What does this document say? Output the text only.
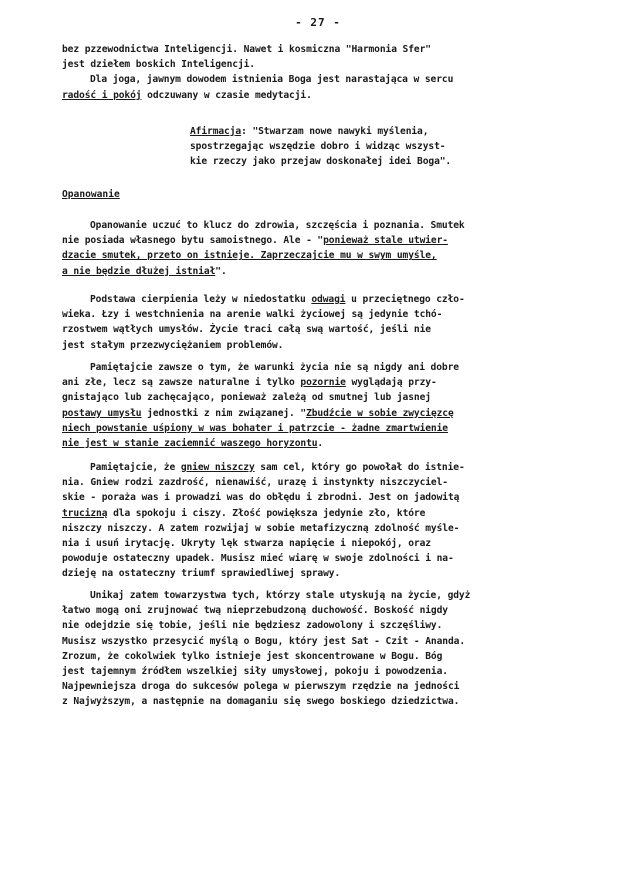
- 27 -
bez pzzewodnictwa Inteligencji. Nawet i kosmiczna "Harmonia Sfer"
jest dziełem boskich Inteligencji.
Dla joga, jawnym dowodem istnienia Boga jest narastająca w sercu
radość i pokój odczuwany w czasie medytacji.
Afirmacja: "Stwarzam nowe nawyki myślenia,
spostrzegając wszędzie dobro i widząc wszyst-
kie rzeczy jako przejaw doskonałej idei Boga".
Opanowanie
Opanowanie uczuć to klucz do zdrowia, szczęścia i poznania. Smutek
nie posiada własnego bytu samoistnego. Ale - "ponieważ stale utwier-
dzacie smutek, przeto on istnieje. Zaprzeczajcie mu w swym umyśle,
a nie będzie dłużej istniał".
Podstawa cierpienia leży w niedostatku odwagi u przeciętnego czło-
wieka. Łzy i westchnienia na arenie walki życiowej są jedynie tchó-
rzostwem wątłych umysłów. Życie traci całą swą wartość, jeśli nie
jest stałym przezwyciężaniem problemów.
Pamiętajcie zawsze o tym, że warunki życia nie są nigdy ani dobre
ani złe, lecz są zawsze naturalne i tylko pozornie wyglądają przy-
gnistająco lub zachęcająco, ponieważ zależą od smutnej lub jasnej
postawy umysłu jednostki z nim związanej. "Zbudźcie w sobie zwycięzcę
niech powstanie uśpiony w was bohater i patrzcie - żadne zmartwienie
nie jest w stanie zaciemnić waszego horyzontu.
Pamiętajcie, że gniew niszczy sam cel, który go powołał do istnie-
nia. Gniew rodzi zazdrość, nienawiść, urazę i instynkty niszczyciel-
skie - poraża was i prowadzi was do obłędu i zbrodni. Jest on jadowitą
trucizną dla spokoju i ciszy. Złość powiększa jedynie zło, które
niszczy niszczy. A zatem rozwijaj w sobie metafizyczną zdolność myśle-
nia i usuń irytację. Ukryty lęk stwarza napięcie i niepokój, oraz
powoduje ostateczny upadek. Musisz mieć wiarę w swoje zdolności i na-
dzieję na ostateczny triumf sprawiedliwej sprawy.
Unikaj zatem towarzystwa tych, którzy stale utyskują na życie, gdyż
łatwo mogą oni zrujnować twą nieprzebudzoną duchowość. Boskość nigdy
nie odejdzie się tobie, jeśli nie będziesz zadowolony i szczęśliwy.
Musisz wszystko przesycić myślą o Bogu, który jest Sat - Czit - Ananda.
Zrozum, że cokolwiek tylko istnieje jest skoncentrowane w Bogu. Bóg
jest tajemnym źródłem wszelkiej siły umysłowej, pokoju i powodzenia.
Najpewniejsza droga do sukcesów polega w pierwszym rzędzie na jedności
z Najwyższym, a następnie na domaganiu się swego boskiego dziedzictwa.
